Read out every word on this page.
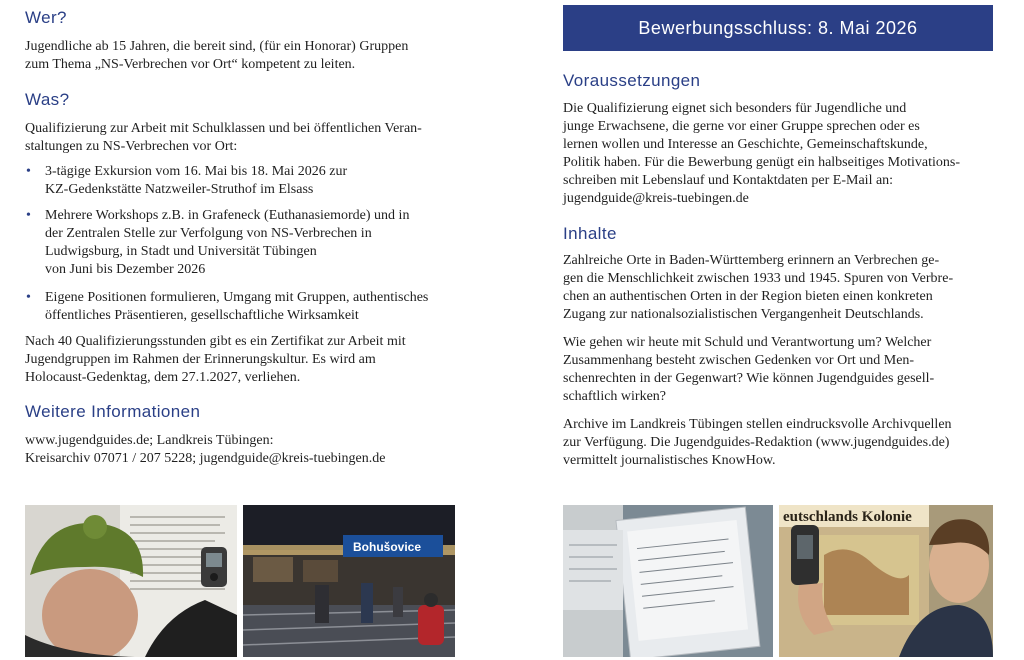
Wer?

Jugendliche ab 15 Jahren, die bereit sind, (für ein Honorar) Gruppen

zum Thema „NS-Verbrechen vor Ort“ kompetent zu leiten.

Was?

Qualifizierung zur Arbeit mit Schulklassen und bei öffentlichen Veran-

staltungen zu NS-Verbrechen vor Ort:

• 3-tägige Exkursion vom 16. Mai bis 18. Mai 2026 zur
KZ-Gedenkstätte Natzweiler-Struthof im Elsass
• Mehrere Workshops z.B. in Grafeneck (Euthanasiemorde) und in
der Zentralen Stelle zur Verfolgung von NS-Verbrechen in
Ludwigsburg, in Stadt und Universität Tübingen
von Juni bis Dezember 2026
• Eigene Positionen formulieren, Umgang mit Gruppen, authentisches
öffentliches Präsentieren, gesellschaftliche Wirksamkeit

Nach 40 Qualifizierungsstunden gibt es ein Zertifikat zur Arbeit mit

Jugendgruppen im Rahmen der Erinnerungskultur. Es wird am

Holocaust-Gedenktag, dem 27.1.2027, verliehen.

Weitere Informationen

www.jugendguides.de; Landkreis Tübingen:

Kreisarchiv 07071 / 207 5228; jugendguide@kreis-tuebingen.de

Bewerbungsschluss: 8. Mai 2026
Voraussetzungen

Die Qualifizierung eignet sich besonders für Jugendliche und

junge Erwachsene, die gerne vor einer Gruppe sprechen oder es

lernen wollen und Interesse an Geschichte, Gemeinschaftskunde,

Politik haben. Für die Bewerbung genügt ein halbseitiges Motivations-

schreiben mit Lebenslauf und Kontaktdaten per E-Mail an:

jugendguide@kreis-tuebingen.de

Inhalte

Zahlreiche Orte in Baden-Württemberg erinnern an Verbrechen ge-

gen die Menschlichkeit zwischen 1933 und 1945. Spuren von Verbre-

chen an authentischen Orten in der Region bieten einen konkreten

Zugang zur nationalsozialistischen Vergangenheit Deutschlands.

Wie gehen wir heute mit Schuld und Verantwortung um? Welcher

Zusammenhang besteht zwischen Gedenken vor Ort und Men-

schenrechten in der Gegenwart? Wie können Jugendguides gesell-

schaftlich wirken?

Archive im Landkreis Tübingen stellen eindrucksvolle Archivquellen

zur Verfügung. Die Jugendguides-Redaktion (www.jugendguides.de)

vermittelt journalistisches KnowHow.

Bohušovice
eutschlands Kolonie
